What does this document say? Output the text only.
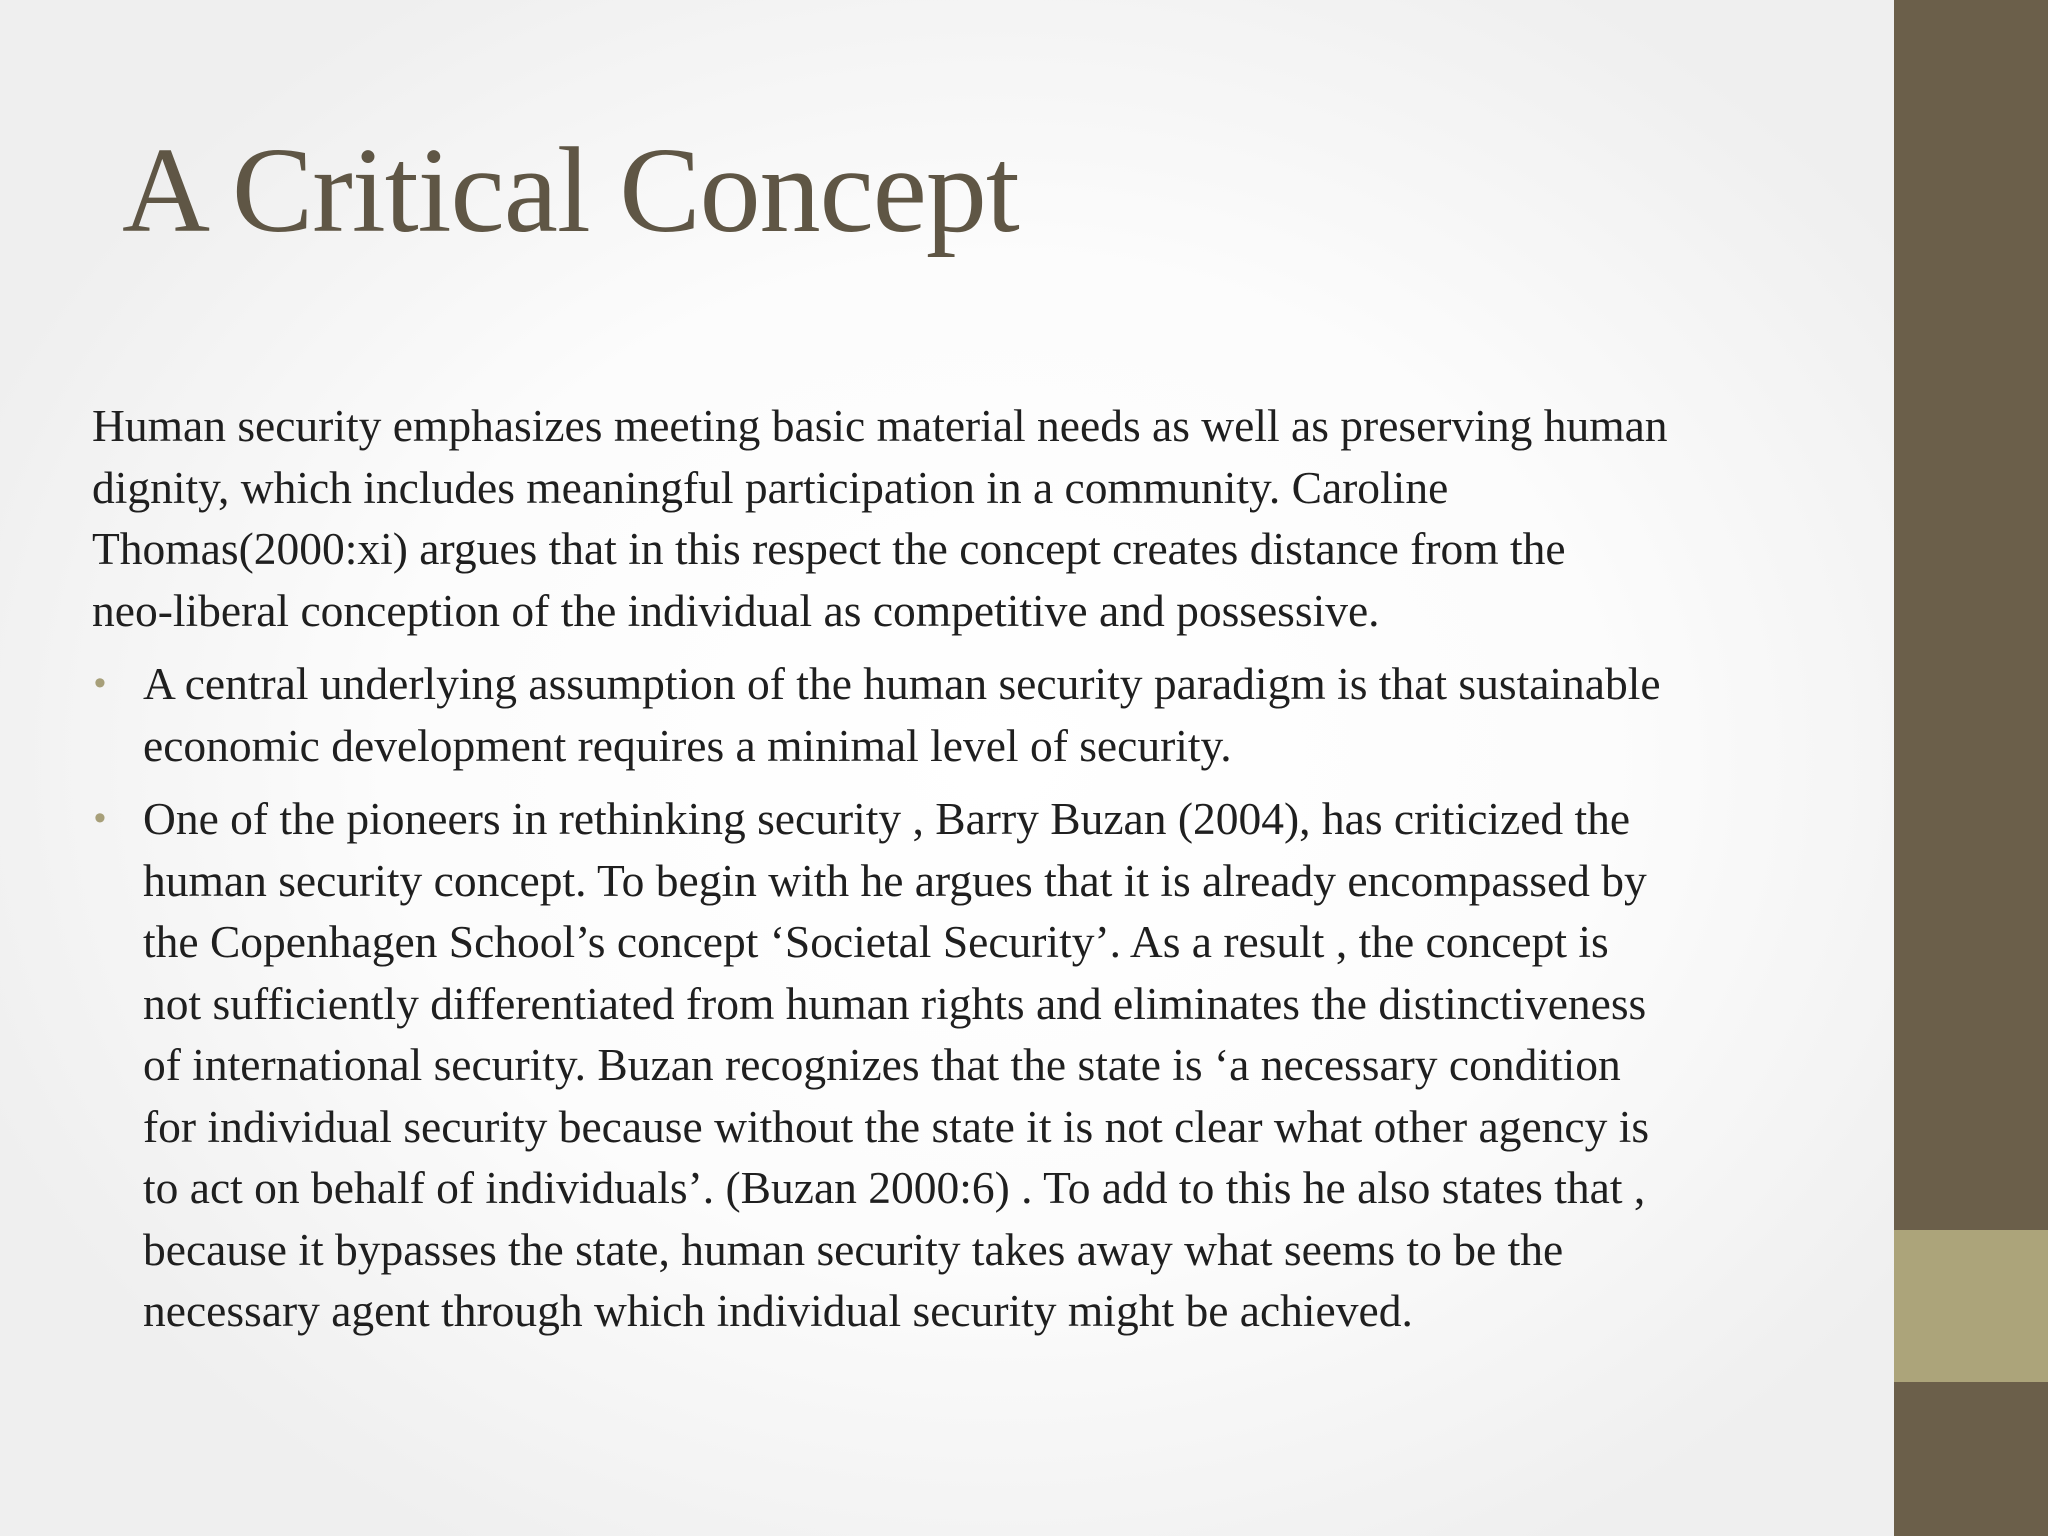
A Critical Concept

Human security emphasizes meeting basic material needs as well as preserving human
dignity, which includes meaningful participation in a community. Caroline
Thomas(2000:xi) argues that in this respect the concept creates distance from the
neo-liberal conception of the individual as competitive and possessive.

• A central underlying assumption of the human security paradigm is that sustainable
economic development requires a minimal level of security.
• One of the pioneers in rethinking security , Barry Buzan (2004), has criticized the
human security concept. To begin with he argues that it is already encompassed by
the Copenhagen School’s concept ‘Societal Security’. As a result , the concept is
not sufficiently differentiated from human rights and eliminates the distinctiveness
of international security. Buzan recognizes that the state is ‘a necessary condition
for individual security because without the state it is not clear what other agency is
to act on behalf of individuals’. (Buzan 2000:6) . To add to this he also states that ,
because it bypasses the state, human security takes away what seems to be the
necessary agent through which individual security might be achieved.
